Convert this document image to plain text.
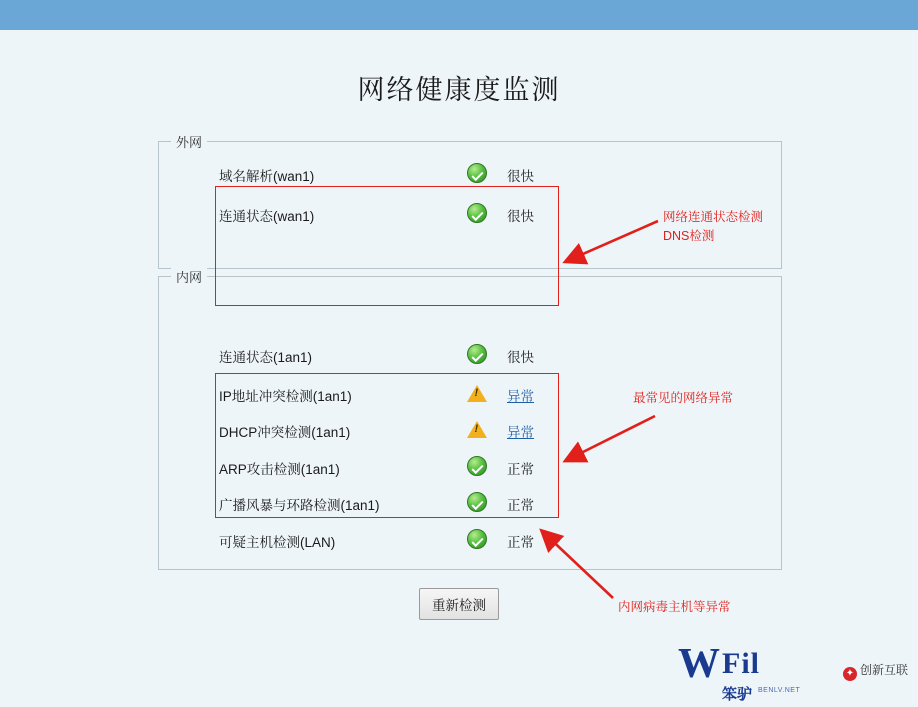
网络健康度监测
外网
域名解析(wan1)	很快
连通状态(wan1)	很快
内网
连通状态(1an1)	很快
IP地址冲突检测(1an1) !	异常
DHCP冲突检测(1an1) !	异常
ARP攻击检测(1an1)	正常
广播风暴与环路检测(1an1)	正常
可疑主机检测(LAN)	正常
网络连通状态检测
DNS检测
最常见的网络异常
内网病毒主机等异常
重新检测
W Fil
笨驴 BENLV.NET
✦ 创新互联
